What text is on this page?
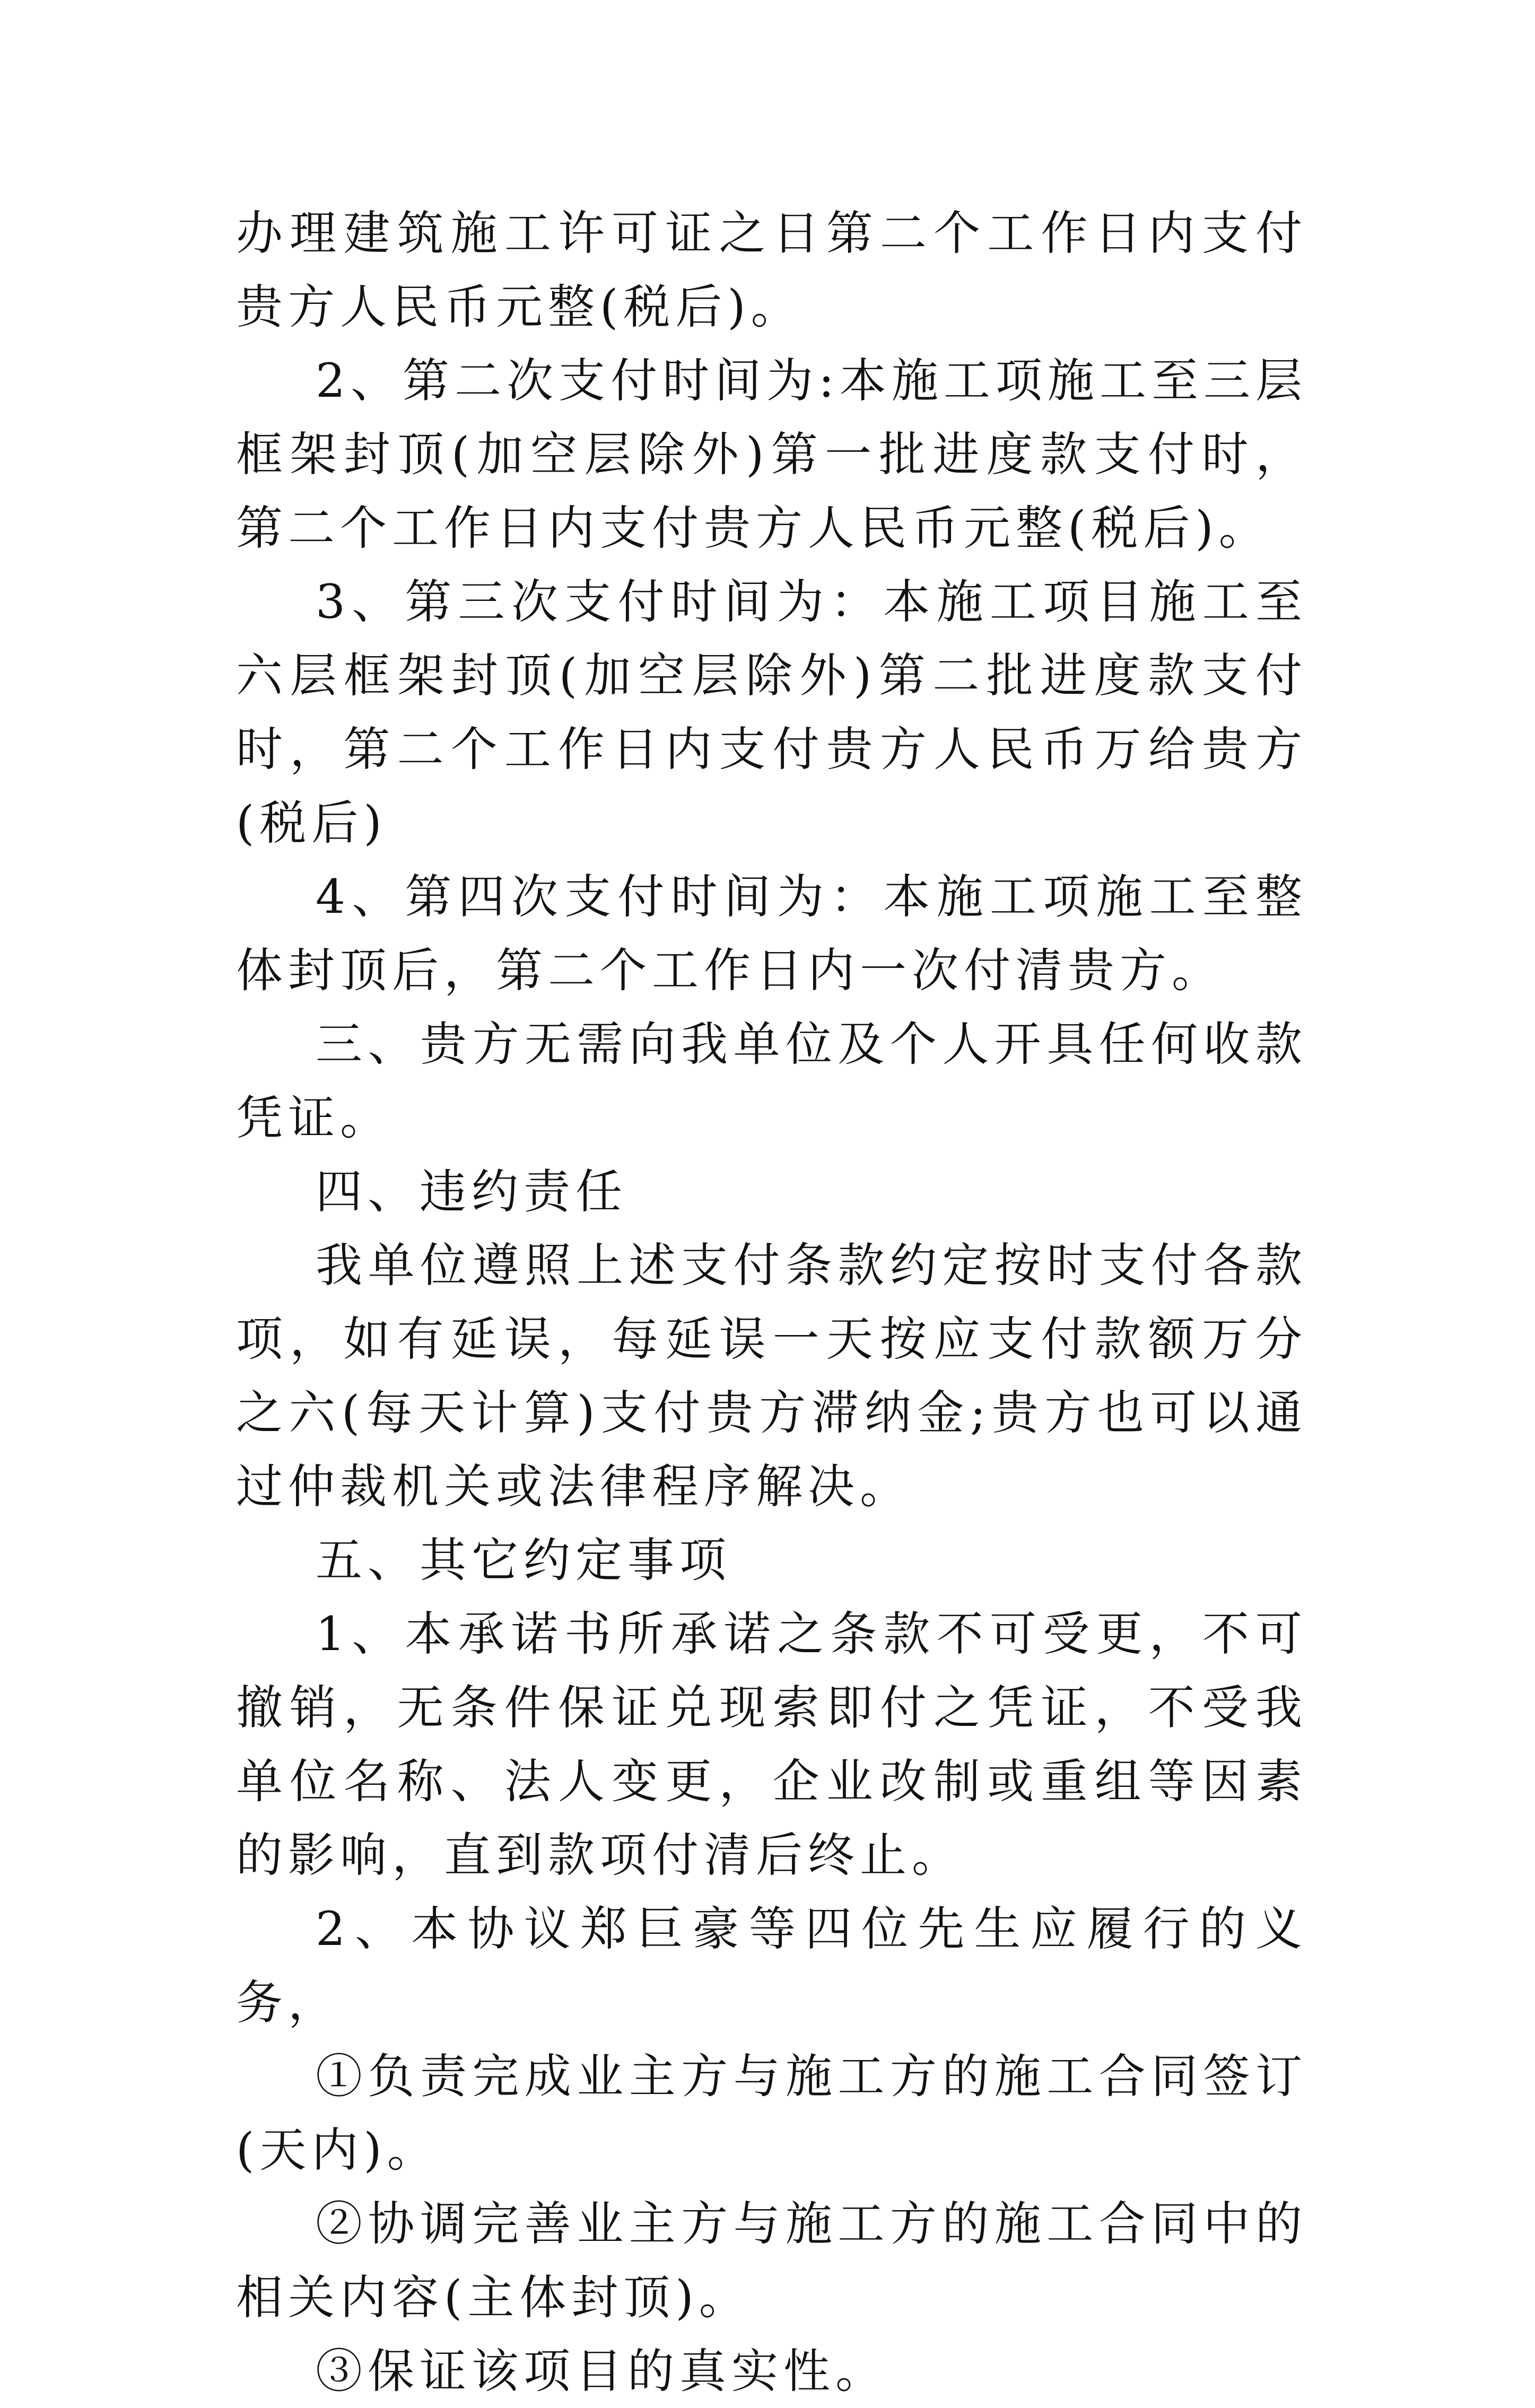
办理建筑施工许可证之日第二个工作日内支付贵方人民币元整(税后)。

2、第二次支付时间为:本施工项施工至三层框架封顶(加空层除外)第一批进度款支付时，第二个工作日内支付贵方人民币元整(税后)。

3、第三次支付时间为：本施工项目施工至六层框架封顶(加空层除外)第二批进度款支付时，第二个工作日内支付贵方人民币万给贵方(税后)

4、第四次支付时间为：本施工项施工至整体封顶后，第二个工作日内一次付清贵方。

三、贵方无需向我单位及个人开具任何收款凭证。

四、违约责任

我单位遵照上述支付条款约定按时支付各款项，如有延误，每延误一天按应支付款额万分之六(每天计算)支付贵方滞纳金;贵方也可以通过仲裁机关或法律程序解决。

五、其它约定事项

1、本承诺书所承诺之条款不可受更，不可撤销，无条件保证兑现索即付之凭证，不受我单位名称、法人变更，企业改制或重组等因素的影响，直到款项付清后终止。

2、本协议郑巨豪等四位先生应履行的义务，

①负责完成业主方与施工方的施工合同签订(天内)。

②协调完善业主方与施工方的施工合同中的相关内容(主体封顶)。

③保证该项目的真实性。
